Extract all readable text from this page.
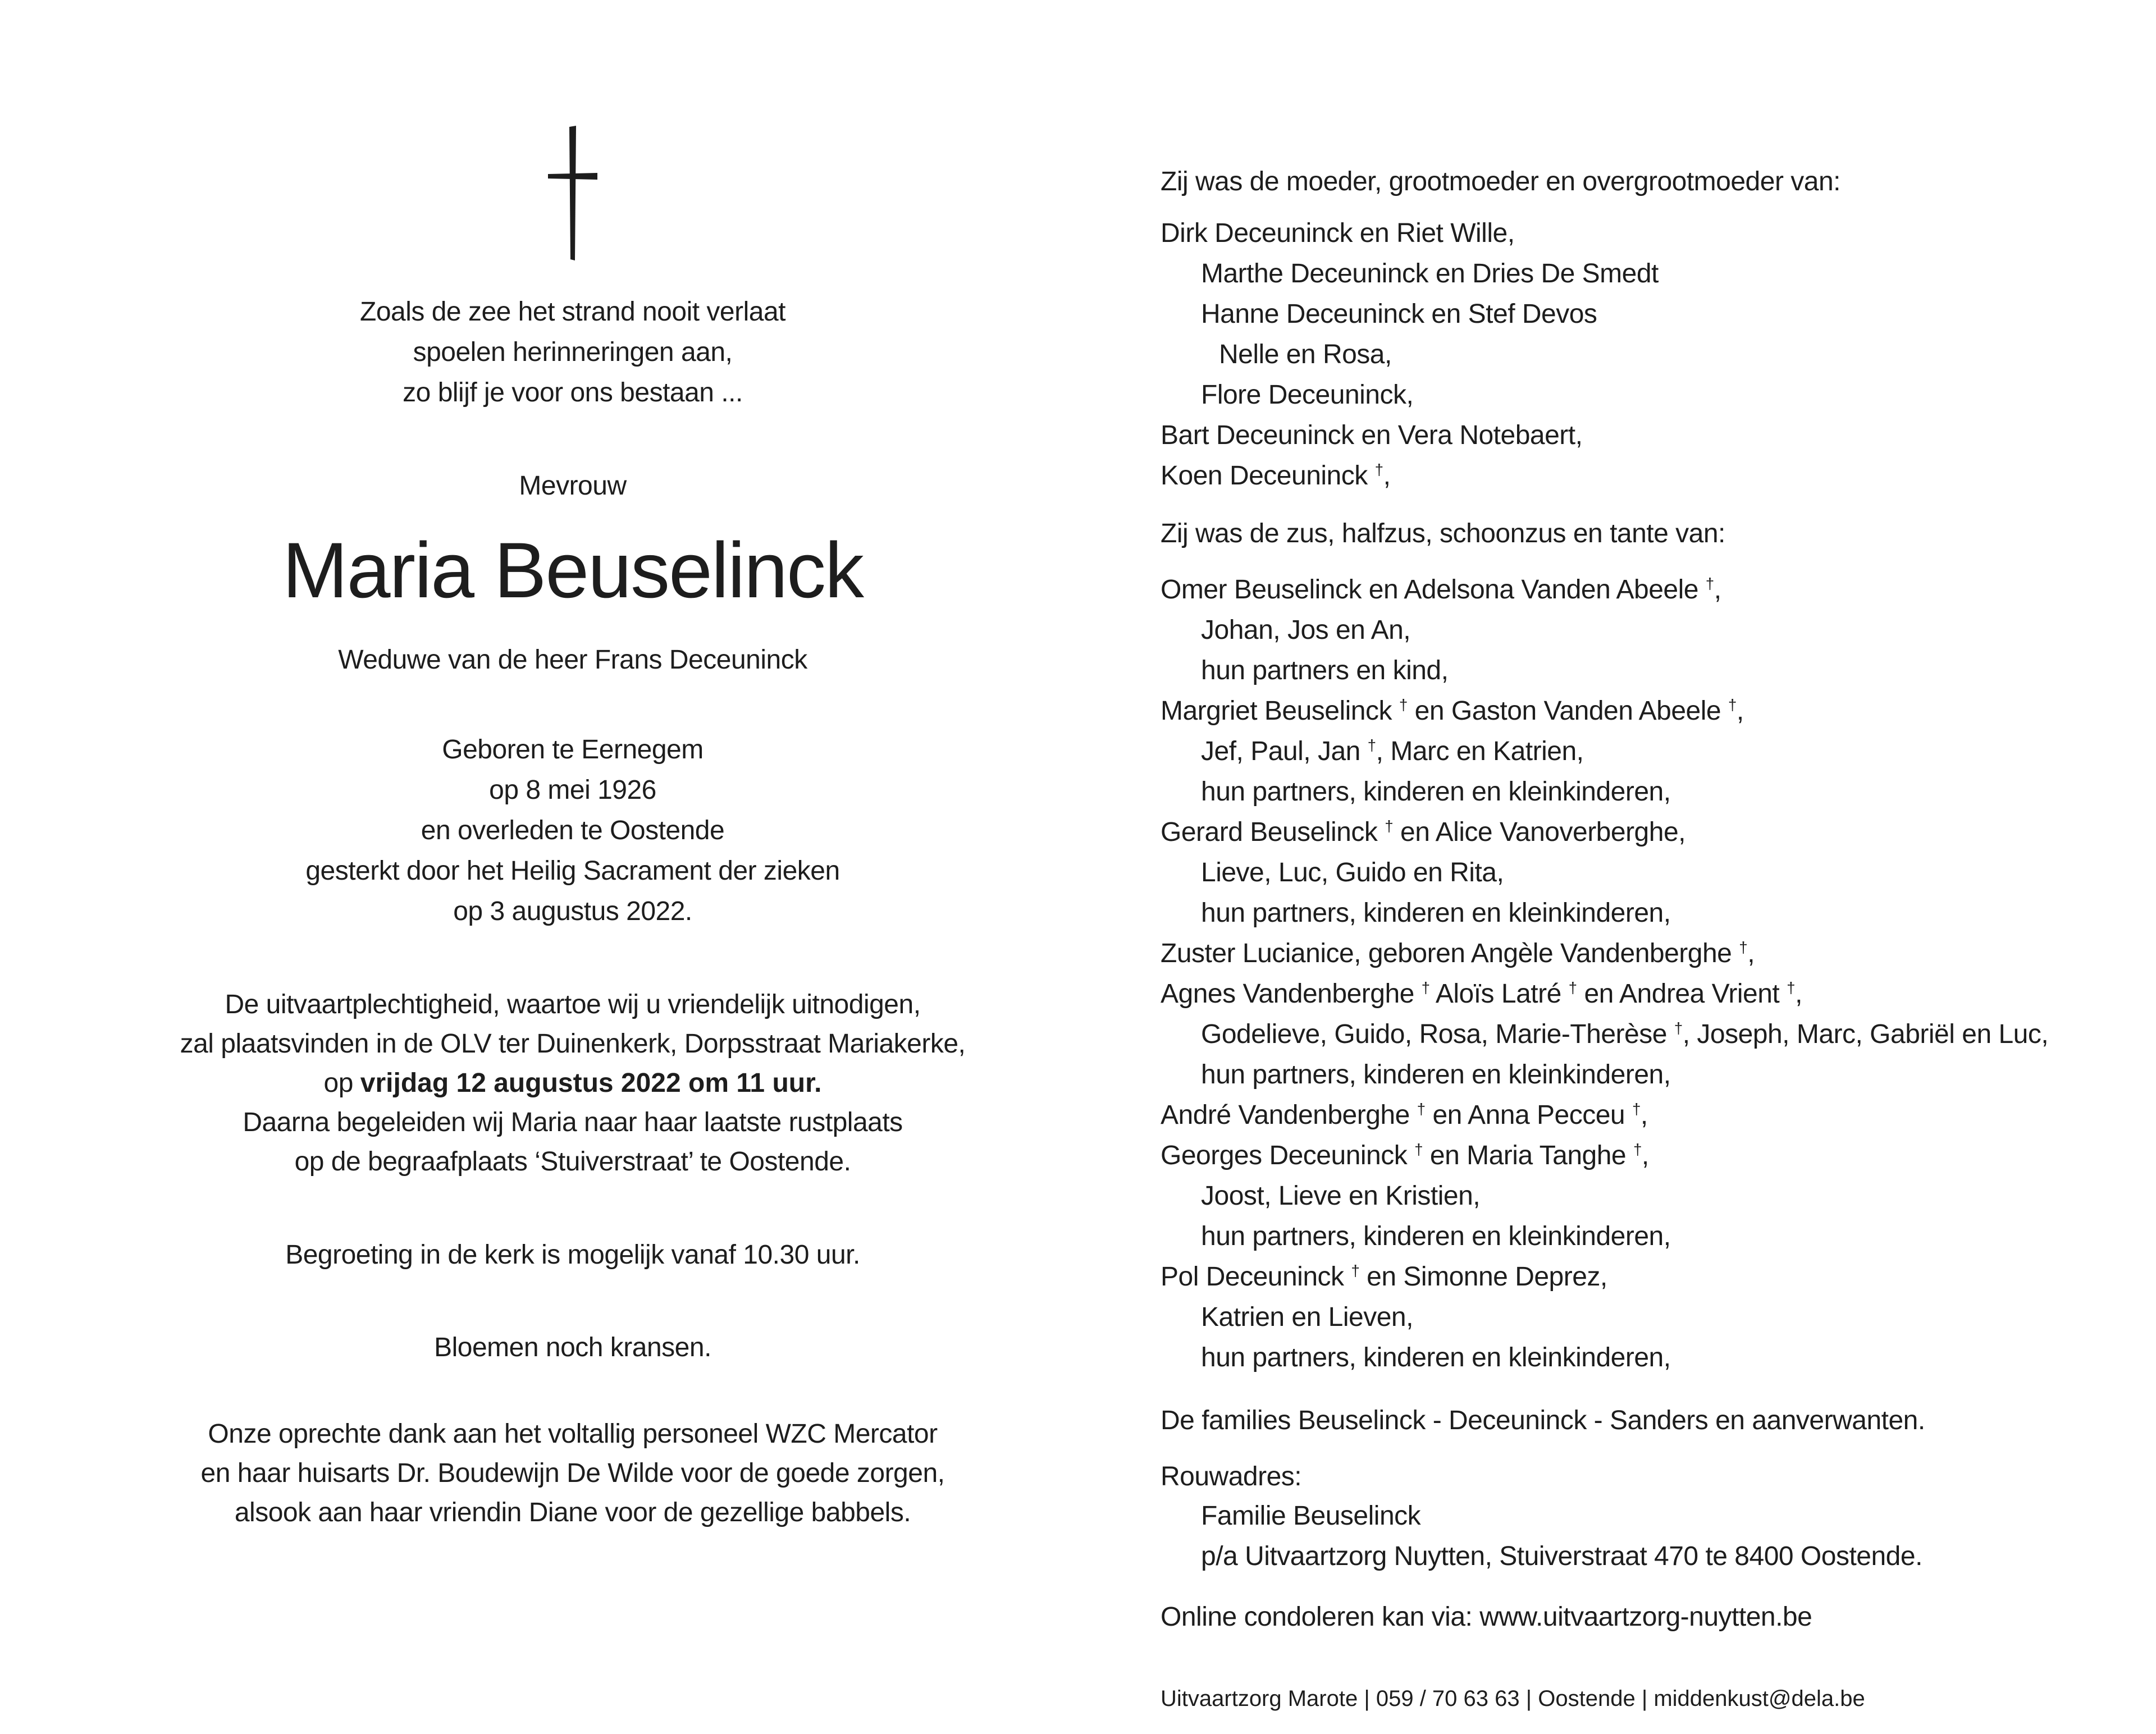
Zoals de zee het strand nooit verlaat
spoelen herinneringen aan,
zo blijf je voor ons bestaan ...
Mevrouw
Maria Beuselinck
Weduwe van de heer Frans Deceuninck
Geboren te Eernegem
op 8 mei 1926
en overleden te Oostende
gesterkt door het Heilig Sacrament der zieken
op 3 augustus 2022.
De uitvaartplechtigheid, waartoe wij u vriendelijk uitnodigen,
zal plaatsvinden in de OLV ter Duinenkerk, Dorpsstraat Mariakerke,
op vrijdag 12 augustus 2022 om 11 uur.
Daarna begeleiden wij Maria naar haar laatste rustplaats
op de begraafplaats ‘Stuiverstraat’ te Oostende.
Begroeting in de kerk is mogelijk vanaf 10.30 uur.
Bloemen noch kransen.
Onze oprechte dank aan het voltallig personeel WZC Mercator
en haar huisarts Dr. Boudewijn De Wilde voor de goede zorgen,
alsook aan haar vriendin Diane voor de gezellige babbels.
Zij was de moeder, grootmoeder en overgrootmoeder van:
Dirk Deceuninck en Riet Wille,
Marthe Deceuninck en Dries De Smedt
Hanne Deceuninck en Stef Devos
Nelle en Rosa,
Flore Deceuninck,
Bart Deceuninck en Vera Notebaert,
Koen Deceuninck †,
Zij was de zus, halfzus, schoonzus en tante van:
Omer Beuselinck en Adelsona Vanden Abeele †,
Johan, Jos en An,
hun partners en kind,
Margriet Beuselinck † en Gaston Vanden Abeele †,
Jef, Paul, Jan †, Marc en Katrien,
hun partners, kinderen en kleinkinderen,
Gerard Beuselinck † en Alice Vanoverberghe,
Lieve, Luc, Guido en Rita,
hun partners, kinderen en kleinkinderen,
Zuster Lucianice, geboren Angèle Vandenberghe †,
Agnes Vandenberghe † Aloïs Latré † en Andrea Vrient †,
Godelieve, Guido, Rosa, Marie-Therèse †, Joseph, Marc, Gabriël en Luc,
hun partners, kinderen en kleinkinderen,
André Vandenberghe † en Anna Pecceu †,
Georges Deceuninck † en Maria Tanghe †,
Joost, Lieve en Kristien,
hun partners, kinderen en kleinkinderen,
Pol Deceuninck † en Simonne Deprez,
Katrien en Lieven,
hun partners, kinderen en kleinkinderen,
De families Beuselinck - Deceuninck - Sanders en aanverwanten.
Rouwadres:
Familie Beuselinck
p/a Uitvaartzorg Nuytten, Stuiverstraat 470 te 8400 Oostende.
Online condoleren kan via: www.uitvaartzorg-nuytten.be
Uitvaartzorg Marote | 059 / 70 63 63 | Oostende | middenkust@dela.be
